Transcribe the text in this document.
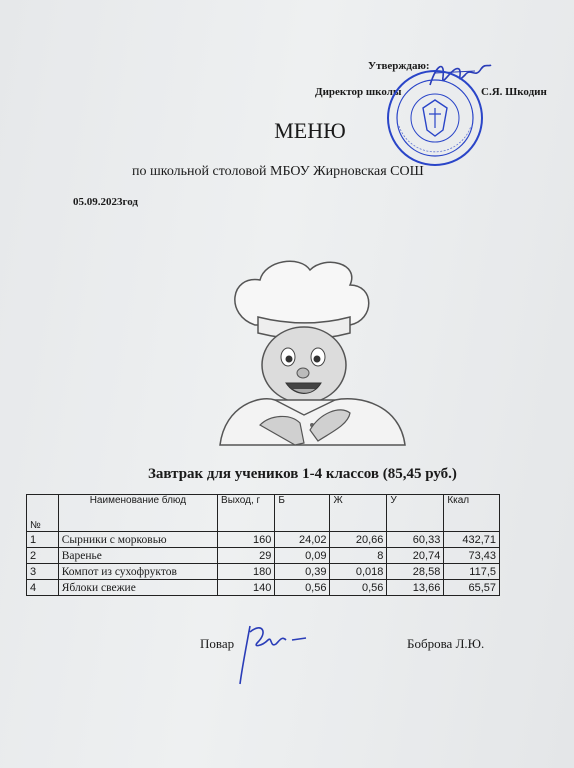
Утверждаю:
Директор школы	С.Я. Шкодин
МЕНЮ
по школьной столовой МБОУ Жирновская СОШ
05.09.2023год
Завтрак для учеников 1-4 классов (85,45 руб.)
№	Наименование блюд	Выход, г	Б	Ж	У	Ккал
1	Сырники с морковью	160	24,02	20,66	60,33	432,71
2	Варенье	29	0,09	8	20,74	73,43
3	Компот из сухофруктов	180	0,39	0,018	28,58	117,5
4	Яблоки свежие	140	0,56	0,56	13,66	65,57
Повар	Боброва Л.Ю.
